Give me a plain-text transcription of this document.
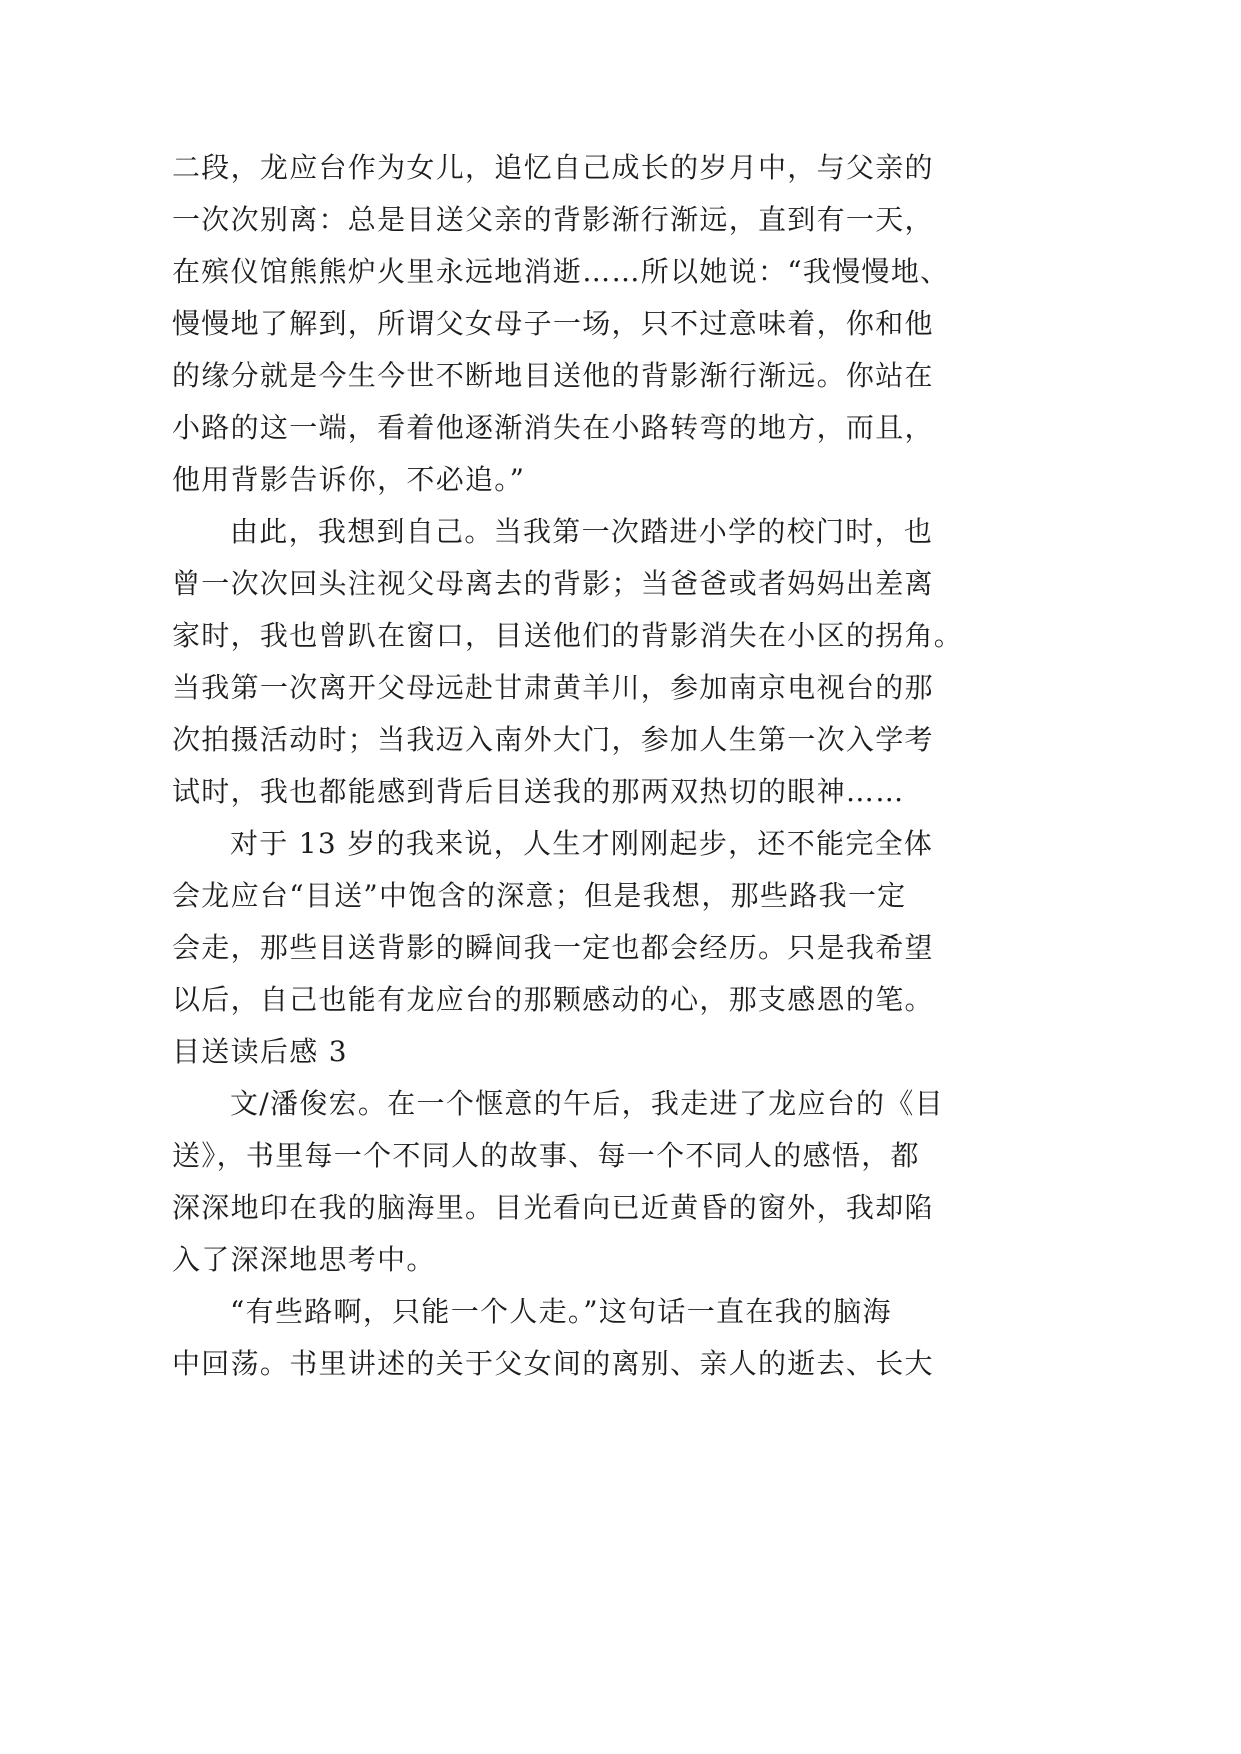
二段，龙应台作为女儿，追忆自己成长的岁月中，与父亲的
一次次别离：总是目送父亲的背影渐行渐远，直到有一天，
在殡仪馆熊熊炉火里永远地消逝……所以她说：“我慢慢地、
慢慢地了解到，所谓父女母子一场，只不过意味着，你和他
的缘分就是今生今世不断地目送他的背影渐行渐远。你站在
小路的这一端，看着他逐渐消失在小路转弯的地方，而且，
他用背影告诉你，不必追。”
由此，我想到自己。当我第一次踏进小学的校门时，也
曾一次次回头注视父母离去的背影；当爸爸或者妈妈出差离
家时，我也曾趴在窗口，目送他们的背影消失在小区的拐角。
当我第一次离开父母远赴甘肃黄羊川，参加南京电视台的那
次拍摄活动时；当我迈入南外大门，参加人生第一次入学考
试时，我也都能感到背后目送我的那两双热切的眼神……
对于 13 岁的我来说，人生才刚刚起步，还不能完全体
会龙应台“目送”中饱含的深意；但是我想，那些路我一定
会走，那些目送背影的瞬间我一定也都会经历。只是我希望
以后，自己也能有龙应台的那颗感动的心，那支感恩的笔。
目送读后感 3
文/潘俊宏。在一个惬意的午后，我走进了龙应台的《目
送》，书里每一个不同人的故事、每一个不同人的感悟，都
深深地印在我的脑海里。目光看向已近黄昏的窗外，我却陷
入了深深地思考中。
“有些路啊，只能一个人走。”这句话一直在我的脑海
中回荡。书里讲述的关于父女间的离别、亲人的逝去、长大
